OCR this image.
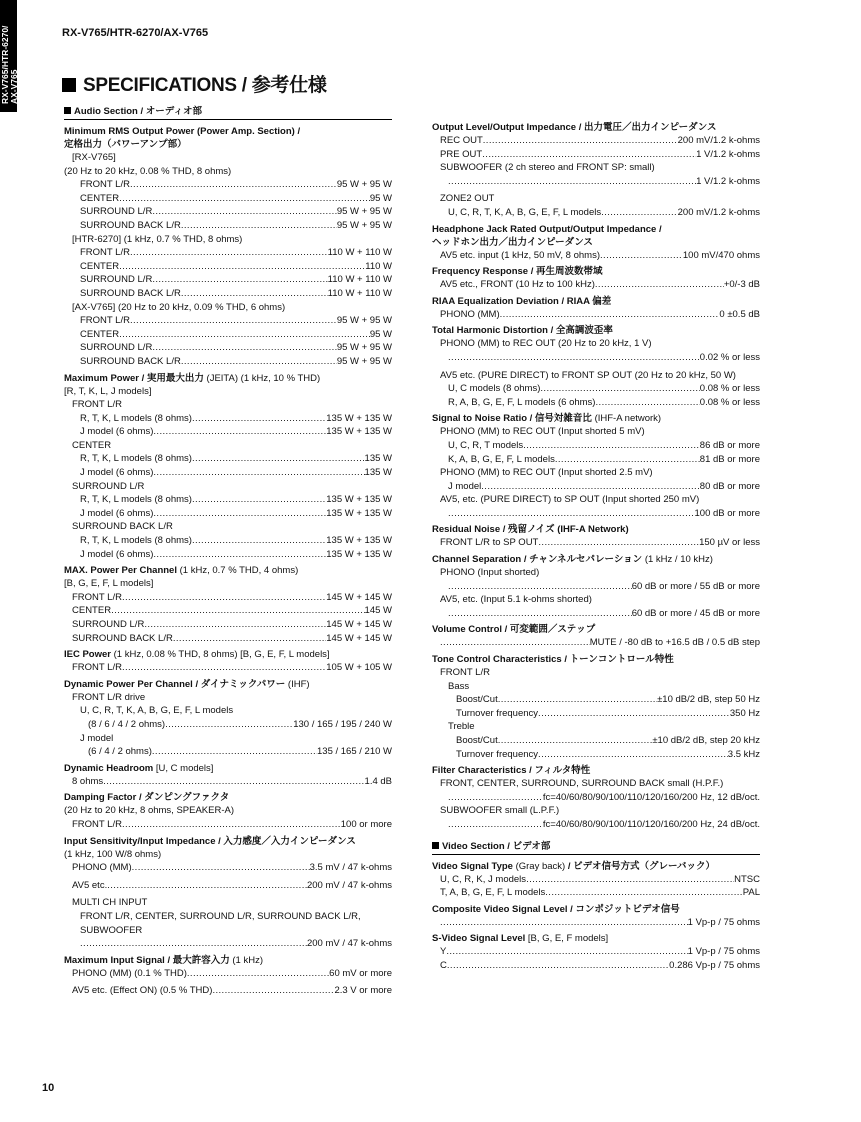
RX-V765/HTR-6270/
AX-V765
RX-V765/HTR-6270/AX-V765
SPECIFICATIONS / 参考仕様
Audio Section / オーディオ部
Minimum RMS Output Power (Power Amp. Section) /
定格出力（パワーアンプ部）
[RX-V765]
(20 Hz to 20 kHz, 0.08 % THD, 8 ohms)
FRONT L/R .....	95 W + 95 W
CENTER .....	95 W
SURROUND L/R .....	95 W + 95 W
SURROUND BACK L/R .....	95 W + 95 W
[HTR-6270] (1 kHz, 0.7 % THD, 8 ohms)
FRONT L/R .....	110 W + 110 W
CENTER .....	110 W
SURROUND L/R .....	110 W + 110 W
SURROUND BACK L/R .....	110 W + 110 W
[AX-V765] (20 Hz to 20 kHz, 0.09 % THD, 6 ohms)
FRONT L/R .....	95 W + 95 W
CENTER .....	95 W
SURROUND L/R .....	95 W + 95 W
SURROUND BACK L/R .....	95 W + 95 W
Maximum Power / 実用最大出力 (JEITA) (1 kHz, 10 % THD)
[R, T, K, L, J models]
FRONT L/R
R, T, K, L models (8 ohms) .....	135 W + 135 W
J model (6 ohms) .....	135 W + 135 W
CENTER
R, T, K, L models (8 ohms) .....	135 W
J model (6 ohms) .....	135 W
SURROUND L/R
R, T, K, L models (8 ohms) .....	135 W + 135 W
J model (6 ohms) .....	135 W + 135 W
SURROUND BACK L/R
R, T, K, L models (8 ohms) .....	135 W + 135 W
J model (6 ohms) .....	135 W + 135 W
MAX. Power Per Channel (1 kHz, 0.7 % THD, 4 ohms)
[B, G, E, F, L models]
FRONT L/R .....	145 W + 145 W
CENTER .....	145 W
SURROUND L/R .....	145 W + 145 W
SURROUND BACK L/R .....	145 W + 145 W
IEC Power (1 kHz, 0.08 % THD, 8 ohms) [B, G, E, F, L models]
FRONT L/R .....	105 W + 105 W
Dynamic Power Per Channel / ダイナミックパワー (IHF)
FRONT L/R drive
U, C, R, T, K, A, B, G, E, F, L models
(8 / 6 / 4 / 2 ohms) .....	130 / 165 / 195 / 240 W
J model
(6 / 4 / 2 ohms) .....	135 / 165 / 210 W
Dynamic Headroom [U, C models]
8 ohms .....	1.4 dB
Damping Factor / ダンピングファクタ
(20 Hz to 20 kHz, 8 ohms, SPEAKER-A)
FRONT L/R .....	100 or more
Input Sensitivity/Input Impedance / 入力感度／入力インピーダンス
(1 kHz, 100 W/8 ohms)
PHONO (MM) .....	3.5 mV / 47 k-ohms
AV5 etc. .....	200 mV / 47 k-ohms
MULTI CH INPUT
FRONT L/R, CENTER, SURROUND L/R, SURROUND BACK L/R,
SUBWOOFER
.....
200 mV / 47 k-ohms
Maximum Input Signal / 最大許容入力 (1 kHz)
PHONO (MM) (0.1 % THD) .....	60 mV or more
AV5 etc. (Effect ON) (0.5 % THD) .....	2.3 V or more
Output Level/Output Impedance / 出力電圧／出力インピーダンス
REC OUT .....	200 mV/1.2 k-ohms
PRE OUT .....	1 V/1.2 k-ohms
SUBWOOFER (2 ch stereo and FRONT SP: small)
.....
1 V/1.2 k-ohms
ZONE2 OUT
U, C, R, T, K, A, B, G, E, F, L models .....	200 mV/1.2 k-ohms
Headphone Jack Rated Output/Output Impedance /
ヘッドホン出力／出力インピーダンス
AV5 etc. input (1 kHz, 50 mV, 8 ohms) .....	100 mV/470 ohms
Frequency Response / 再生周波数帯域
AV5 etc., FRONT (10 Hz to 100 kHz) .....	+0/-3 dB
RIAA Equalization Deviation / RIAA 偏差
PHONO (MM) .....	0 ±0.5 dB
Total Harmonic Distortion / 全高調波歪率
PHONO (MM) to REC OUT (20 Hz to 20 kHz, 1 V)
.....
0.02 % or less
AV5 etc. (PURE DIRECT) to FRONT SP OUT (20 Hz to 20 kHz, 50 W)
U, C models (8 ohms) .....	0.08 % or less
R, A, B, G, E, F, L models (6 ohms) .....	0.08 % or less
Signal to Noise Ratio / 信号対雑音比 (IHF-A network)
PHONO (MM) to REC OUT (Input shorted 5 mV)
U, C, R, T models .....	86 dB or more
K, A, B, G, E, F, L models .....	81 dB or more
PHONO (MM) to REC OUT (Input shorted 2.5 mV)
J model .....	80 dB or more
AV5, etc. (PURE DIRECT) to SP OUT (Input shorted 250 mV)
.....
100 dB or more
Residual Noise / 残留ノイズ (IHF-A Network)
FRONT L/R to SP OUT .....	150 µV or less
Channel Separation / チャンネルセパレーション (1 kHz / 10 kHz)
PHONO (Input shorted)
.....
60 dB or more / 55 dB or more
AV5, etc. (Input 5.1 k-ohms shorted)
.....
60 dB or more / 45 dB or more
Volume Control / 可変範囲／ステップ
.....
MUTE / -80 dB to +16.5 dB / 0.5 dB step
Tone Control Characteristics / トーンコントロール特性
FRONT L/R
Bass
Boost/Cut .....	±10 dB/2 dB, step 50 Hz
Turnover frequency .....	350 Hz
Treble
Boost/Cut .....	±10 dB/2 dB, step 20 kHz
Turnover frequency .....	3.5 kHz
Filter Characteristics / フィルタ特性
FRONT, CENTER, SURROUND, SURROUND BACK small (H.P.F.)
.....
fc=40/60/80/90/100/110/120/160/200 Hz, 12 dB/oct.
SUBWOOFER small (L.P.F.)
.....
fc=40/60/80/90/100/110/120/160/200 Hz, 24 dB/oct.
Video Section / ビデオ部
Video Signal Type (Gray back) / ビデオ信号方式（グレーバック）
U, C, R, K, J models .....	NTSC
T, A, B, G, E, F, L models .....	PAL
Composite Video Signal Level / コンポジットビデオ信号
.....
1 Vp-p / 75 ohms
S-Video Signal Level [B, G, E, F models]
Y .....	1 Vp-p / 75 ohms
C .....	0.286 Vp-p / 75 ohms
10
